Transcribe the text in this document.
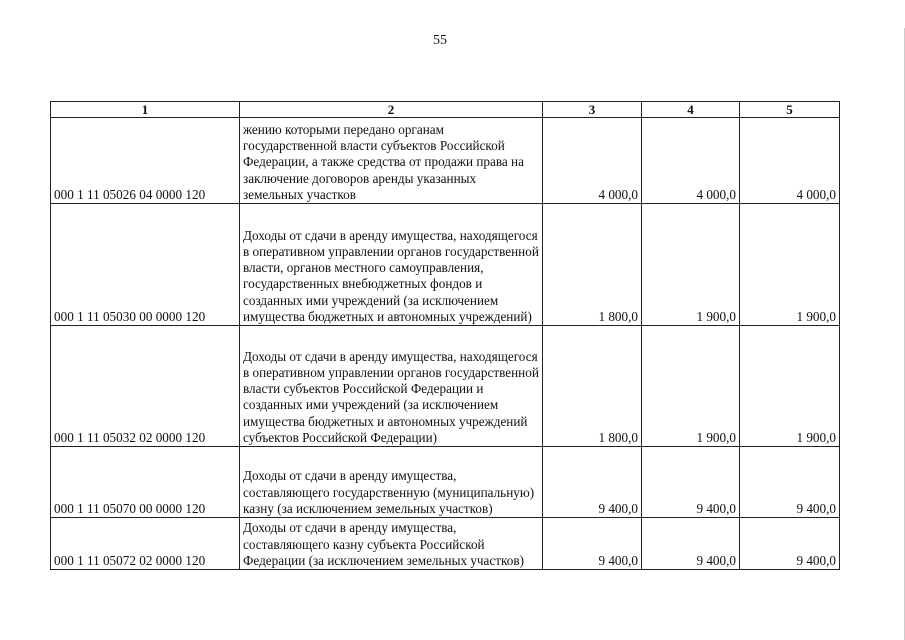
55
1	2	3	4	5
000 1 11 05026 04 0000 120	жению которыми передано органам государственной власти субъектов Российской Федерации, а также средства от продажи права на заключение договоров аренды указанных земельных участков	4 000,0	4 000,0	4 000,0
000 1 11 05030 00 0000 120	Доходы от сдачи в аренду имущества, находящегося в оперативном управлении органов государственной власти, органов местного самоуправления, государственных внебюджетных фондов и созданных ими учреждений (за исключением имущества бюджетных и автономных учреждений)	1 800,0	1 900,0	1 900,0
000 1 11 05032 02 0000 120	Доходы от сдачи в аренду имущества, находящегося в оперативном управлении органов государственной власти субъектов Российской Федерации и созданных ими учреждений (за исключением имущества бюджетных и автономных учреждений субъектов Российской Федерации)	1 800,0	1 900,0	1 900,0
000 1 11 05070 00 0000 120	Доходы от сдачи в аренду имущества, составляющего государственную (муниципальную) казну (за исключением земельных участков)	9 400,0	9 400,0	9 400,0
000 1 11 05072 02 0000 120	Доходы от сдачи в аренду имущества, составляющего казну субъекта Российской Федерации (за исключением земельных участков)	9 400,0	9 400,0	9 400,0
